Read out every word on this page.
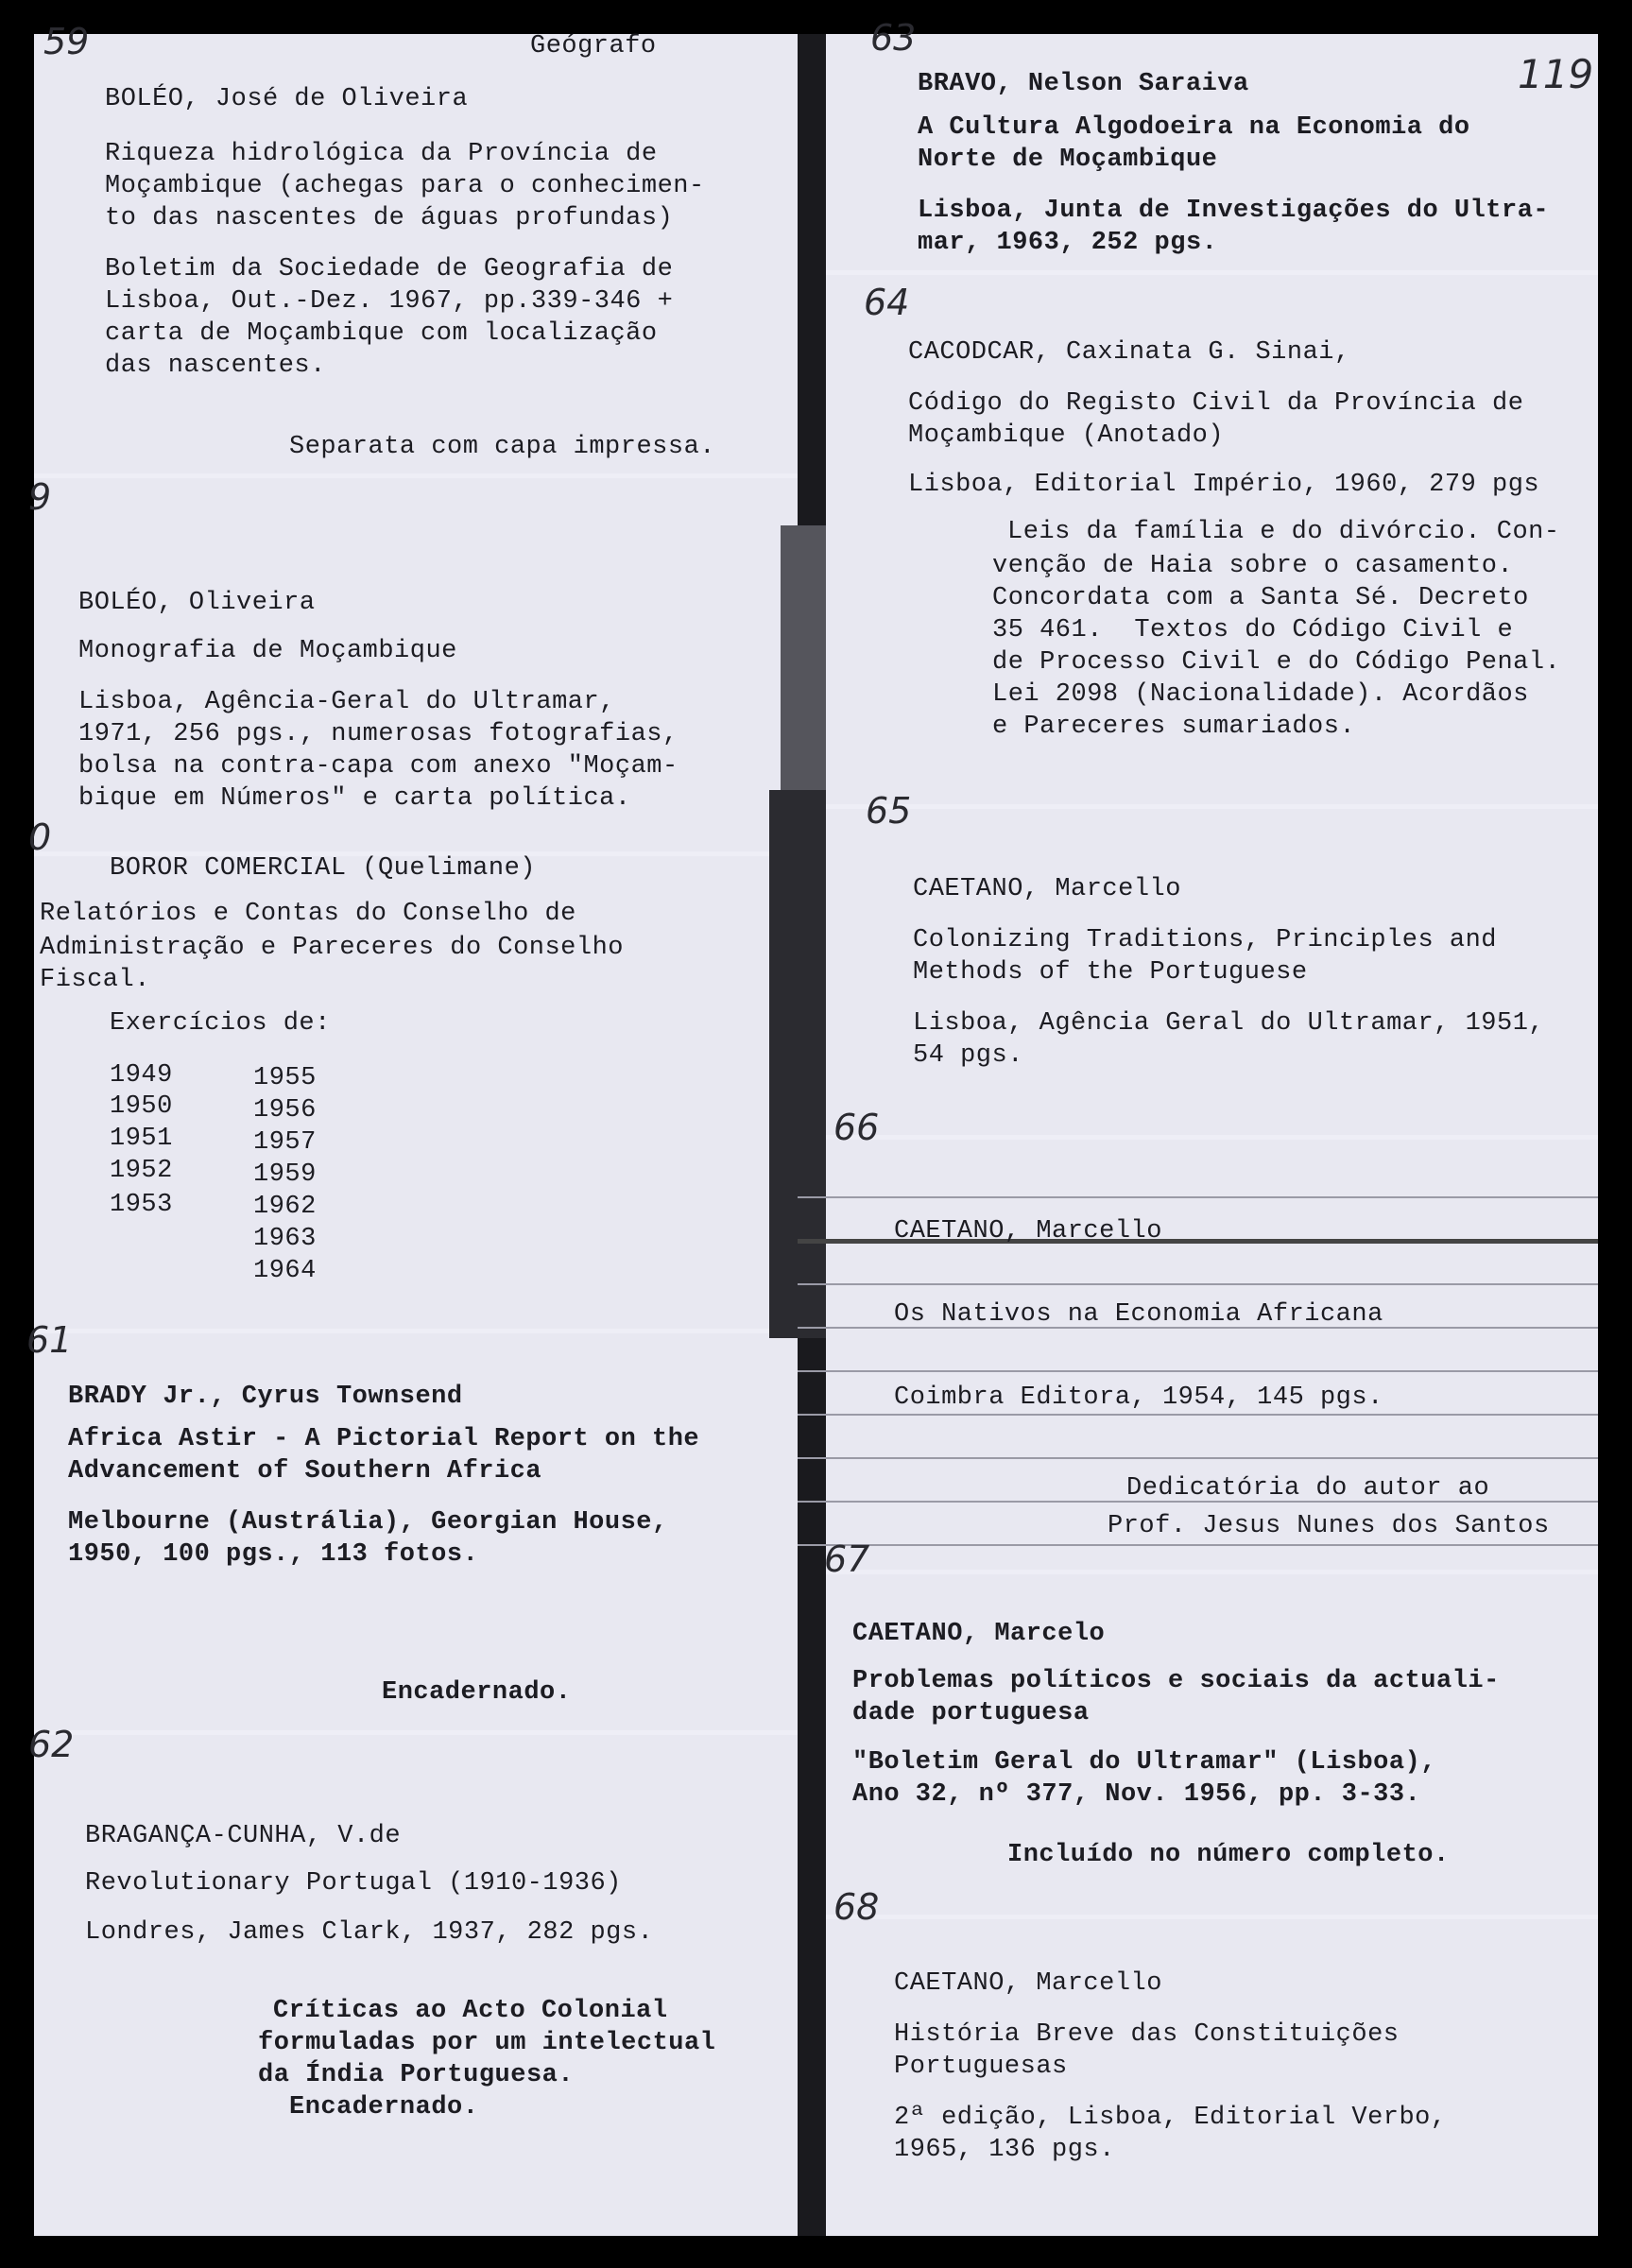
Geógrafo
119
59
BOLÉO, José de Oliveira
Riqueza hidrológica da Província de
Moçambique (achegas para o conhecimen-
to das nascentes de águas profundas)
Boletim da Sociedade de Geografia de
Lisboa, Out.-Dez. 1967, pp.339-346 +
carta de Moçambique com localização
das nascentes.
Separata com capa impressa.
9
BOLÉO, Oliveira
Monografia de Moçambique
Lisboa, Agência-Geral do Ultramar,
1971, 256 pgs., numerosas fotografias,
bolsa na contra-capa com anexo "Moçam-
bique em Números" e carta política.
0
BOROR COMERCIAL (Quelimane)
Relatórios e Contas do Conselho de
Administração e Pareceres do Conselho
Fiscal.
Exercícios de:
1949
1950
1951
1952
1953
1955
1956
1957
1959
1962
1963
1964
61
BRADY Jr., Cyrus Townsend
Africa Astir - A Pictorial Report on the
Advancement of Southern Africa
Melbourne (Austrália), Georgian House,
1950, 100 pgs., 113 fotos.
Encadernado.
62
BRAGANÇA-CUNHA, V.de
Revolutionary Portugal (1910-1936)
Londres, James Clark, 1937, 282 pgs.
Críticas ao Acto Colonial
formuladas por um intelectual
da Índia Portuguesa.
Encadernado.
63
BRAVO, Nelson Saraiva
A Cultura Algodoeira na Economia do
Norte de Moçambique
Lisboa, Junta de Investigações do Ultra-
mar, 1963, 252 pgs.
64
CACODCAR, Caxinata G. Sinai,
Código do Registo Civil da Província de
Moçambique (Anotado)
Lisboa, Editorial Império, 1960, 279 pgs
Leis da família e do divórcio. Con-
venção de Haia sobre o casamento.
Concordata com a Santa Sé. Decreto
35 461.  Textos do Código Civil e
de Processo Civil e do Código Penal.
Lei 2098 (Nacionalidade). Acordãos
e Pareceres sumariados.
65
CAETANO, Marcello
Colonizing Traditions, Principles and
Methods of the Portuguese
Lisboa, Agência Geral do Ultramar, 1951,
54 pgs.
66
CAETANO, Marcello
Os Nativos na Economia Africana
Coimbra Editora, 1954, 145 pgs.
Dedicatória do autor ao
Prof. Jesus Nunes dos Santos
67
CAETANO, Marcelo
Problemas políticos e sociais da actuali-
dade portuguesa
"Boletim Geral do Ultramar" (Lisboa),
Ano 32, nº 377, Nov. 1956, pp. 3-33.
Incluído no número completo.
68
CAETANO, Marcello
História Breve das Constituições
Portuguesas
2ª edição, Lisboa, Editorial Verbo,
1965, 136 pgs.
